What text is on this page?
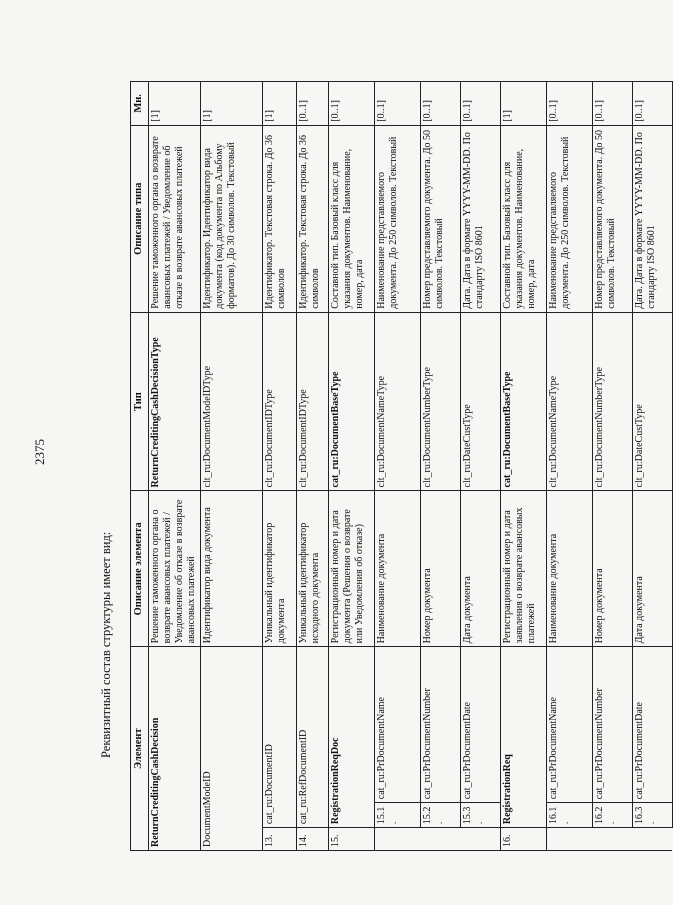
2375
Реквизитный состав структуры имеет вид: Элемент			Описание элемента	Тип	Описание типа	Мн.
ReturnCreditingCashDecision			Решение таможенного органа о возврате авансовых платежей / Уведомление об отказе в возврате авансовых платежей	ReturnCreditingCashDecisionType	Решение таможенного органа о возврате авансовых платежей / Уведомление об отказе в возврате авансовых платежей	[1]
DocumentModeID			Идентификатор вида документа	clt_ru:DocumentModeIDType	Идентификатор. Идентификатор вида документа (код документа по Альбому форматов). До 30 символов. Текстовый	[1]
13.	cat_ru:DocumentID		Уникальный идентификатор документа	clt_ru:DocumentIDType	Идентификатор. Текстовая строка. До 36 символов	[1]
14.	cat_ru:RefDocumentID		Уникальный идентификатор исходного документа	clt_ru:DocumentIDType	Идентификатор. Текстовая строка. До 36 символов	[0..1]
15.	RegistrationReqDoc		Регистрационный номер и дата документа (Решения о возврате или Уведомления об отказе)	cat_ru:DocumentBaseType	Составной тип. Базовый класс для указания документов. Наименование, номер, дата	[0..1]
	15.1.	cat_ru:PrDocumentName	Наименование документа	clt_ru:DocumentNameType	Наименование представляемого документа. До 250 символов. Текстовый	[0..1]
	15.2.	cat_ru:PrDocumentNumber	Номер документа	clt_ru:DocumentNumberType	Номер представляемого документа. До 50 символов. Текстовый	[0..1]
	15.3.	cat_ru:PrDocumentDate	Дата документа	clt_ru:DateCustType	Дата. Дата в формате YYYY-MM-DD. По стандарту ISO 8601	[0..1]
16.	RegistrationReq		Регистрационный номер и дата заявления о возврате авансовых платежей	cat_ru:DocumentBaseType	Составной тип. Базовый класс для указания документов. Наименование, номер, дата	[1]
	16.1.	cat_ru:PrDocumentName	Наименование документа	clt_ru:DocumentNameType	Наименование представляемого документа. До 250 символов. Текстовый	[0..1]
	16.2.	cat_ru:PrDocumentNumber	Номер документа	clt_ru:DocumentNumberType	Номер представляемого документа. До 50 символов. Текстовый	[0..1]
	16.3.	cat_ru:PrDocumentDate	Дата документа	clt_ru:DateCustType	Дата. Дата в формате YYYY-MM-DD. По стандарту ISO 8601	[0..1]
